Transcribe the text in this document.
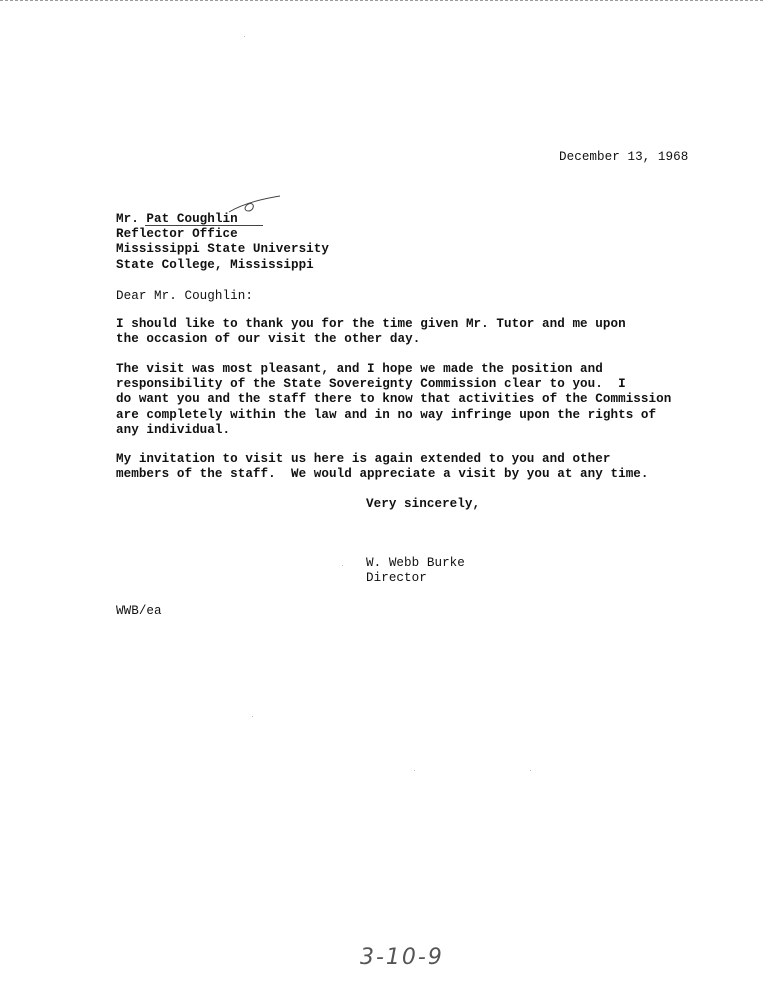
December 13, 1968
Mr. Pat Coughlin
Reflector Office
Mississippi State University
State College, Mississippi
Dear Mr. Coughlin:
I should like to thank you for the time given Mr. Tutor and me upon
the occasion of our visit the other day.
The visit was most pleasant, and I hope we made the position and
responsibility of the State Sovereignty Commission clear to you.  I
do want you and the staff there to know that activities of the Commission
are completely within the law and in no way infringe upon the rights of
any individual.
My invitation to visit us here is again extended to you and other
members of the staff.  We would appreciate a visit by you at any time.
Very sincerely,
W. Webb Burke
Director
WWB/ea
3-10-9
